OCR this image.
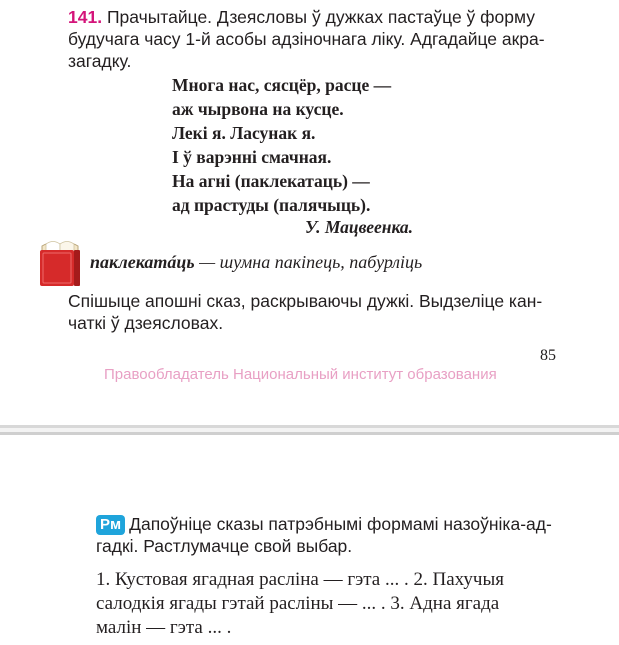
141. Прачытайце. Дзеясловы ў дужках пастаўце ў форму
будучага часу 1-й асобы адзіночнага ліку. Адгадайце акра-
загадку.
Многа нас, сясцёр, расце —
аж чырвона на кусце.
Лекі я. Ласунак я.
І ў варэнні смачная.
На агні (паклекатаць) —
ад прастуды (палячыць).
У. Мацвеенка.
паклекатáць — шумна пакіпець, пабурліць
Спішыце апошні сказ, раскрываючы дужкі. Выдзеліце кан-
чаткі ў дзеясловах.
85
Правообладатель Национальный институт образования
Рм Дапоўніце сказы патрэбнымі формамі назоўніка-ад-
гадкі. Растлумачце свой выбар.
1. Кустовая ягадная расліна — гэта ... . 2. Пахучыя
салодкія ягады гэтай расліны — ... . 3. Адна ягада
малін — гэта ... .
